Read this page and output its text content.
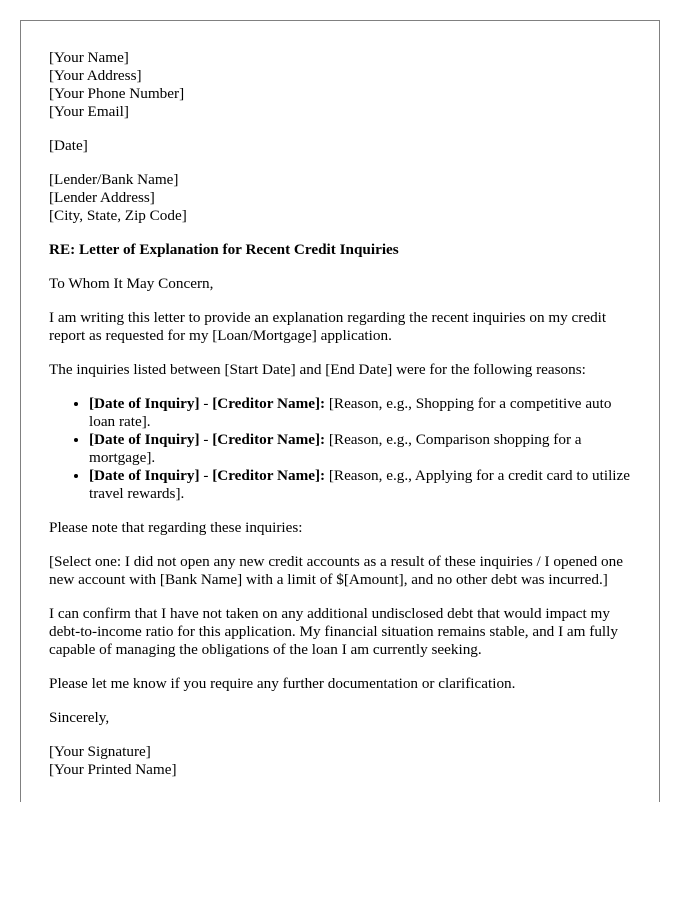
[Your Name]
[Your Address]
[Your Phone Number]
[Your Email]

[Date]

[Lender/Bank Name]
[Lender Address]
[City, State, Zip Code]

RE: Letter of Explanation for Recent Credit Inquiries

To Whom It May Concern,

I am writing this letter to provide an explanation regarding the recent inquiries on my credit report as requested for my [Loan/Mortgage] application.

The inquiries listed between [Start Date] and [End Date] were for the following reasons:

• [Date of Inquiry] - [Creditor Name]: [Reason, e.g., Shopping for a competitive auto loan rate].
• [Date of Inquiry] - [Creditor Name]: [Reason, e.g., Comparison shopping for a mortgage].
• [Date of Inquiry] - [Creditor Name]: [Reason, e.g., Applying for a credit card to utilize travel rewards].

Please note that regarding these inquiries:

[Select one: I did not open any new credit accounts as a result of these inquiries / I opened one new account with [Bank Name] with a limit of $[Amount], and no other debt was incurred.]

I can confirm that I have not taken on any additional undisclosed debt that would impact my debt-to-income ratio for this application. My financial situation remains stable, and I am fully capable of managing the obligations of the loan I am currently seeking.

Please let me know if you require any further documentation or clarification.

Sincerely,

[Your Signature]
[Your Printed Name]
